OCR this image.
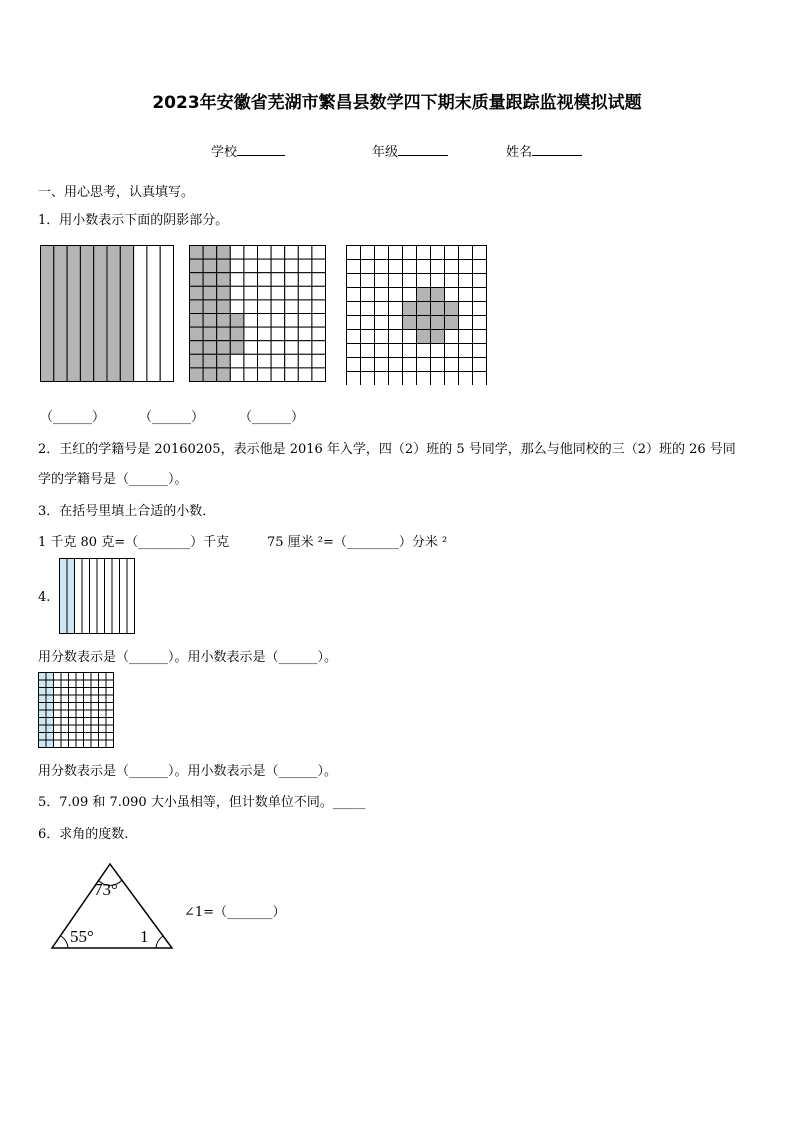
2023年安徽省芜湖市繁昌县数学四下期末质量跟踪监视模拟试题
学校	年级	姓名
一、用心思考，认真填写。
1．用小数表示下面的阴影部分。
（______）	（______）	（______）
2．王红的学籍号是 20160205，表示他是 2016 年入学，四（2）班的 5 号同学，那么与他同校的三（2）班的 26 号同
学的学籍号是（______）。
3．在括号里填上合适的小数．
1 千克 80 克=（________）千克	75 厘米 ²=（________）分米 ²
4.
用分数表示是（______）。用小数表示是（______）。
用分数表示是（______）。用小数表示是（______）。
5．7.09 和 7.090 大小虽相等，但计数单位不同。_____
6．求角的度数.
73°
55°	1
∠1=（_______）
